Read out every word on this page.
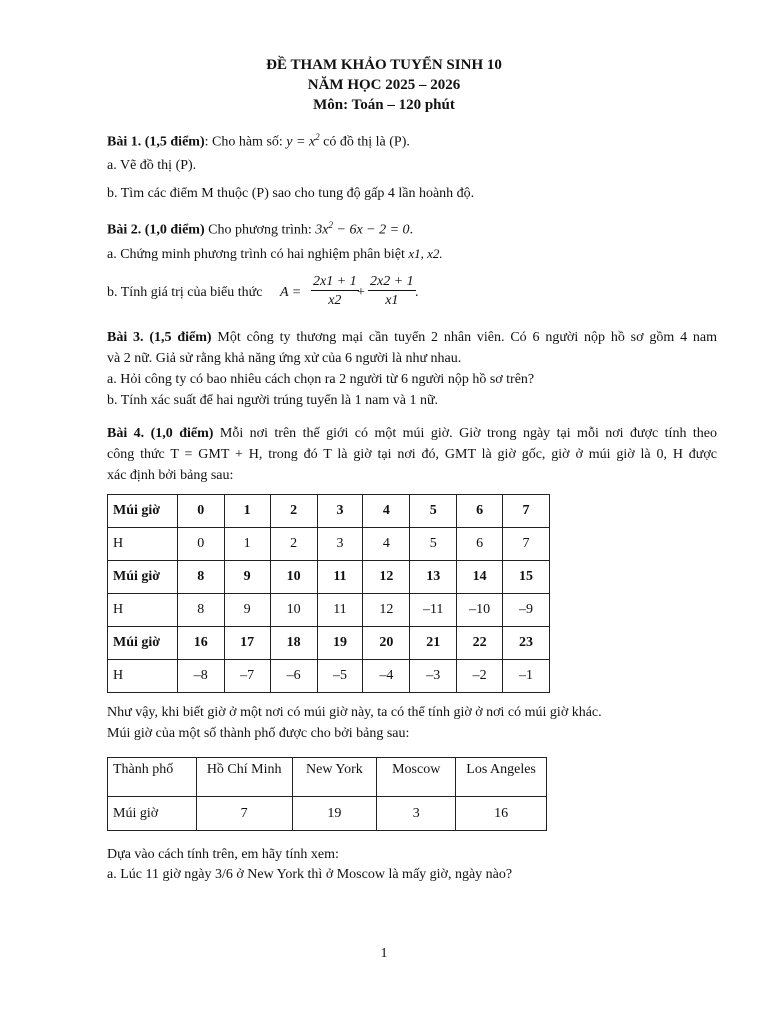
ĐỀ THAM KHẢO TUYỂN SINH 10
NĂM HỌC 2025 – 2026
Môn: Toán – 120 phút
Bài 1. (1,5 điểm): Cho hàm số: $y = x^2$ có đồ thị là (P).
a. Vẽ đồ thị (P).
b. Tìm các điểm M thuộc (P) sao cho tung độ gấp 4 lần hoành độ.
Bài 2. (1,0 điểm) Cho phương trình: $3x^2 - 6x - 2 = 0$.
a. Chứng minh phương trình có hai nghiệm phân biệt x1, x2.
b. Tính giá trị của biểu thức $A = \frac{2x1 + 1}{x2}$
+ $\frac{2x2 + 1}{x1}$ .
Bài 3. (1,5 điểm) Một công ty thương mại cần tuyển 2 nhân viên. Có 6 người nộp hồ sơ gồm 4 nam
và 2 nữ. Giả sử rằng khả năng ứng xử của 6 người là như nhau.
a. Hỏi công ty có bao nhiêu cách chọn ra 2 người từ 6 người nộp hồ sơ trên?
b. Tính xác suất để hai người trúng tuyển là 1 nam và 1 nữ.
Bài 4. (1,0 điểm) Mỗi nơi trên thế giới có một múi giờ. Giờ trong ngày tại mỗi nơi được tính theo
công thức T = GMT + H, trong đó T là giờ tại nơi đó, GMT là giờ gốc, giờ ở múi giờ là 0, H được
xác định bởi bảng sau:
Múi giờ	0	1	2	3	4	5	6	7
H	0	1	2	3	4	5	6	7
Múi giờ	8	9	10	11	12	13	14	15
H	8	9	10	11	12	–11	–10	–9
Múi giờ	16	17	18	19	20	21	22	23
H	–8	–7	–6	–5	–4	–3	–2	–1
Như vậy, khi biết giờ ở một nơi có múi giờ này, ta có thể tính giờ ở nơi có múi giờ khác.
Múi giờ của một số thành phố được cho bởi bảng sau:
Thành phố	Hồ Chí Minh	New York	Moscow	Los Angeles
Múi giờ	7	19	3	16
Dựa vào cách tính trên, em hãy tính xem:
a. Lúc 11 giờ ngày 3/6 ở New York thì ở Moscow là mấy giờ, ngày nào?
1
